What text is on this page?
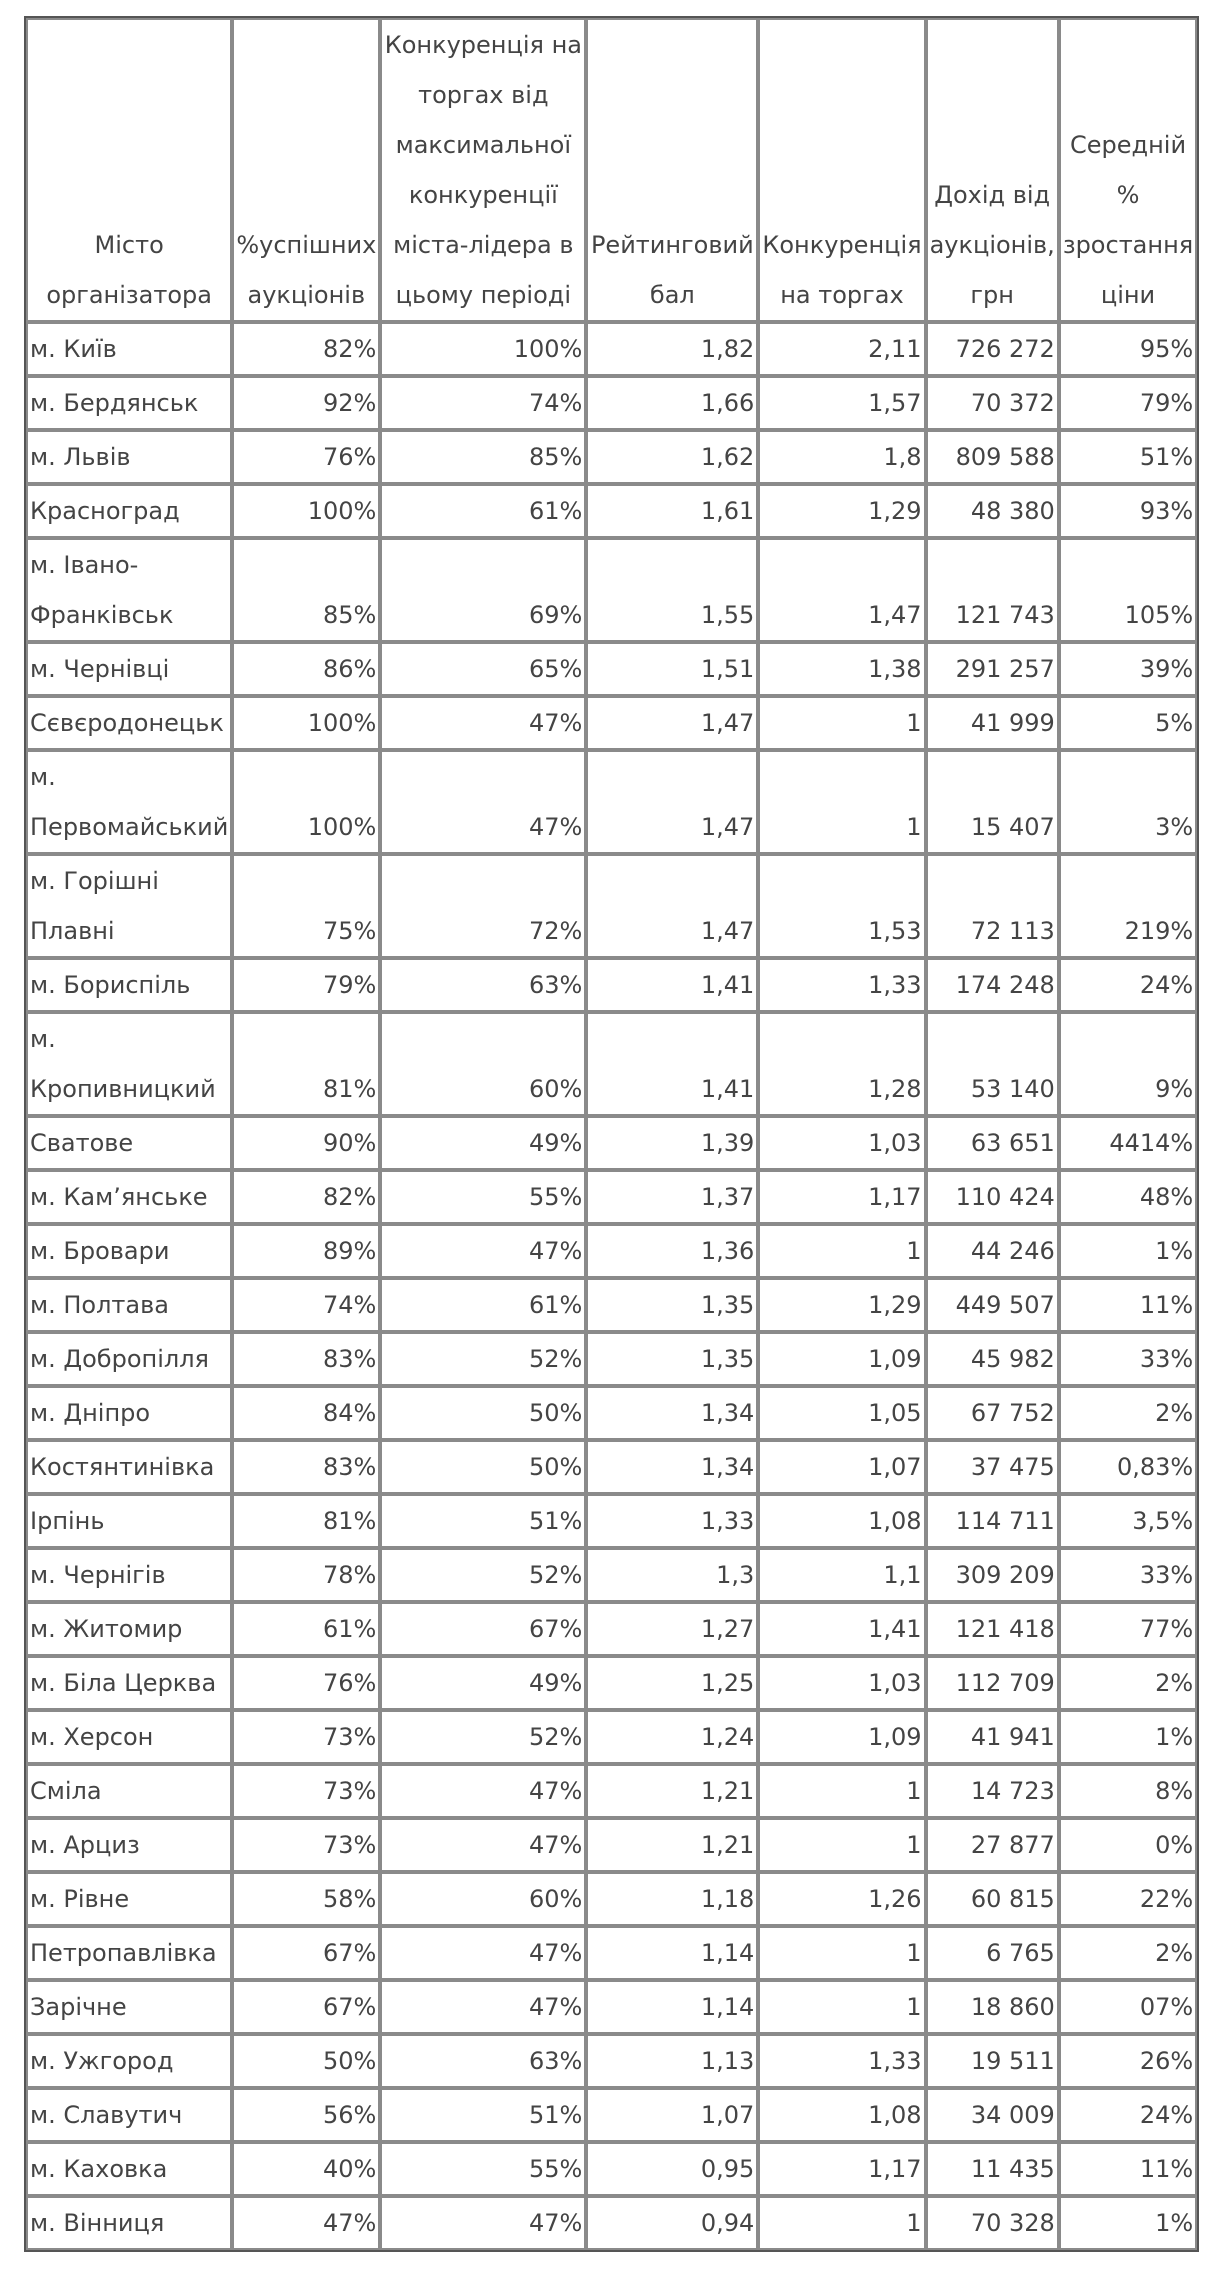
Місто організатора	%успішних аукціонів	Конкуренція на торгах від максимальної конкуренції міста-лідера в цьому періоді	Рейтинговий бал	Конкуренція на торгах	Дохід від аукціонів, грн	Середній % зростання ціни
м. Київ	82%	100%	1,82	2,11	726 272	95%
м. Бердянськ	92%	74%	1,66	1,57	70 372	79%
м. Львів	76%	85%	1,62	1,8	809 588	51%
Красноград	100%	61%	1,61	1,29	48 380	93%
м. Івано-Франківськ	85%	69%	1,55	1,47	121 743	105%
м. Чернівці	86%	65%	1,51	1,38	291 257	39%
Сєвєродонецьк	100%	47%	1,47	1	41 999	5%
м. Первомайський	100%	47%	1,47	1	15 407	3%
м. Горішні Плавні	75%	72%	1,47	1,53	72 113	219%
м. Бориспіль	79%	63%	1,41	1,33	174 248	24%
м. Кропивницкий	81%	60%	1,41	1,28	53 140	9%
Сватове	90%	49%	1,39	1,03	63 651	4414%
м. Кам’янське	82%	55%	1,37	1,17	110 424	48%
м. Бровари	89%	47%	1,36	1	44 246	1%
м. Полтава	74%	61%	1,35	1,29	449 507	11%
м. Добропілля	83%	52%	1,35	1,09	45 982	33%
м. Дніпро	84%	50%	1,34	1,05	67 752	2%
Костянтинівка	83%	50%	1,34	1,07	37 475	0,83%
Ірпінь	81%	51%	1,33	1,08	114 711	3,5%
м. Чернігів	78%	52%	1,3	1,1	309 209	33%
м. Житомир	61%	67%	1,27	1,41	121 418	77%
м. Біла Церква	76%	49%	1,25	1,03	112 709	2%
м. Херсон	73%	52%	1,24	1,09	41 941	1%
Сміла	73%	47%	1,21	1	14 723	8%
м. Арциз	73%	47%	1,21	1	27 877	0%
м. Рівне	58%	60%	1,18	1,26	60 815	22%
Петропавлівка	67%	47%	1,14	1	6 765	2%
Зарічне	67%	47%	1,14	1	18 860	07%
м. Ужгород	50%	63%	1,13	1,33	19 511	26%
м. Славутич	56%	51%	1,07	1,08	34 009	24%
м. Каховка	40%	55%	0,95	1,17	11 435	11%
м. Вінниця	47%	47%	0,94	1	70 328	1%
